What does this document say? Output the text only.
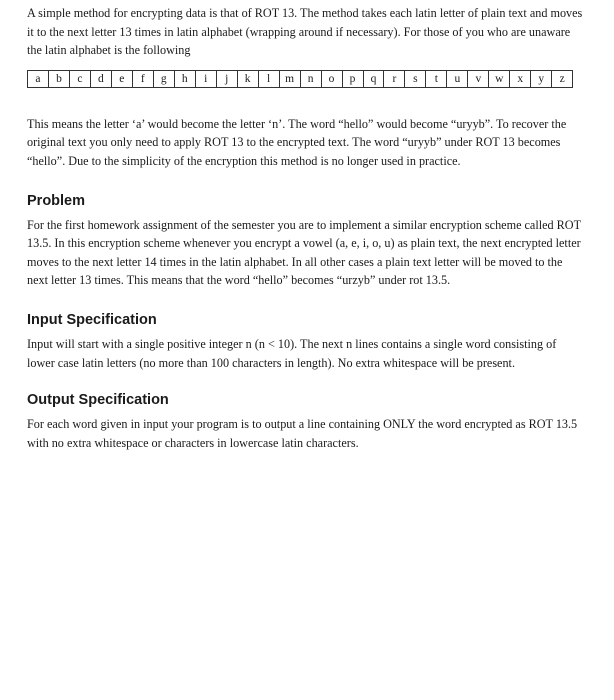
A simple method for encrypting data is that of ROT 13. The method takes each latin letter of plain text and moves it to the next letter 13 times in latin alphabet (wrapping around if necessary). For those of you who are unaware the latin alphabet is the following

a	b	c	d	e	f	g	h	i	j	k	l	m	n	o	p	q	r	s	t	u	v	w	x	y	z

This means the letter ‘a’ would become the letter ‘n’. The word “hello” would become “uryyb”. To recover the original text you only need to apply ROT 13 to the encrypted text. The word “uryyb” under ROT 13 becomes “hello”. Due to the simplicity of the encryption this method is no longer used in practice.

Problem

For the first homework assignment of the semester you are to implement a similar encryption scheme called ROT 13.5. In this encryption scheme whenever you encrypt a vowel (a, e, i, o, u) as plain text, the next encrypted letter moves to the next letter 14 times in the latin alphabet. In all other cases a plain text letter will be moved to the next letter 13 times. This means that the word “hello” becomes “urzyb” under rot 13.5.

Input Specification

Input will start with a single positive integer n (n < 10). The next n lines contains a single word consisting of lower case latin letters (no more than 100 characters in length). No extra whitespace will be present.

Output Specification

For each word given in input your program is to output a line containing ONLY the word encrypted as ROT 13.5 with no extra whitespace or characters in lowercase latin characters.
